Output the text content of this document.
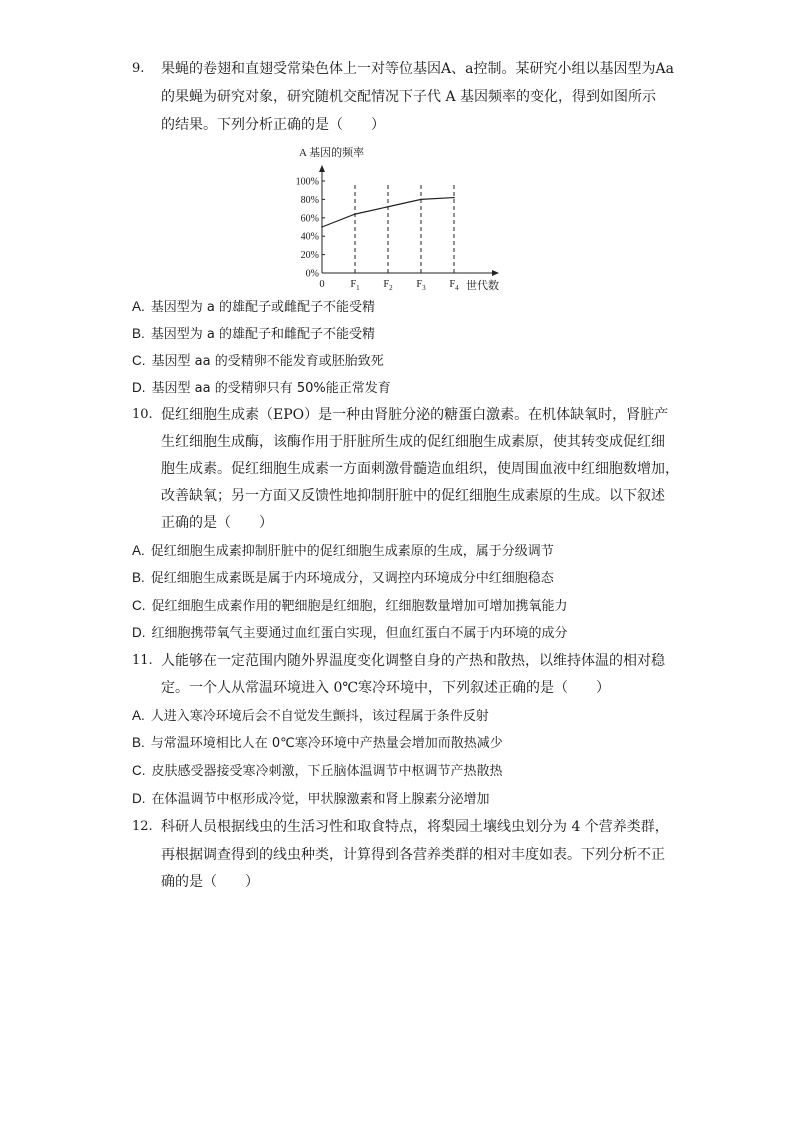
9. 果蝇的卷翅和直翅受常染色体上一对等位基因A、a控制。某研究小组以基因型为Aa
的果蝇为研究对象，研究随机交配情况下子代 A 基因频率的变化，得到如图所示
的结果。下列分析正确的是（　　）
A 基因的频率
0%
20%
40%
60%
80%
100%
0 $F_1$ $F_2$ $F_3$ $F_4$ 世代数
A. 基因型为 a 的雄配子或雌配子不能受精
B. 基因型为 a 的雄配子和雌配子不能受精
C. 基因型 aa 的受精卵不能发育或胚胎致死
D. 基因型 aa 的受精卵只有 50%能正常发育
10. 促红细胞生成素（EPO）是一种由肾脏分泌的糖蛋白激素。在机体缺氧时，肾脏产
生红细胞生成酶，该酶作用于肝脏所生成的促红细胞生成素原，使其转变成促红细
胞生成素。促红细胞生成素一方面刺激骨髓造血组织，使周围血液中红细胞数增加，
改善缺氧；另一方面又反馈性地抑制肝脏中的促红细胞生成素原的生成。以下叙述
正确的是（　　）
A. 促红细胞生成素抑制肝脏中的促红细胞生成素原的生成，属于分级调节
B. 促红细胞生成素既是属于内环境成分，又调控内环境成分中红细胞稳态
C. 促红细胞生成素作用的靶细胞是红细胞，红细胞数量增加可增加携氧能力
D. 红细胞携带氧气主要通过血红蛋白实现，但血红蛋白不属于内环境的成分
11. 人能够在一定范围内随外界温度变化调整自身的产热和散热，以维持体温的相对稳
定。一个人从常温环境进入 0℃寒冷环境中，下列叙述正确的是（　　）
A. 人进入寒冷环境后会不自觉发生颤抖，该过程属于条件反射
B. 与常温环境相比人在 0℃寒冷环境中产热量会增加而散热减少
C. 皮肤感受器接受寒冷刺激，下丘脑体温调节中枢调节产热散热
D. 在体温调节中枢形成冷觉，甲状腺激素和肾上腺素分泌增加
12. 科研人员根据线虫的生活习性和取食特点，将梨园土壤线虫划分为 4 个营养类群，
再根据调查得到的线虫种类，计算得到各营养类群的相对丰度如表。下列分析不正
确的是（　　）
